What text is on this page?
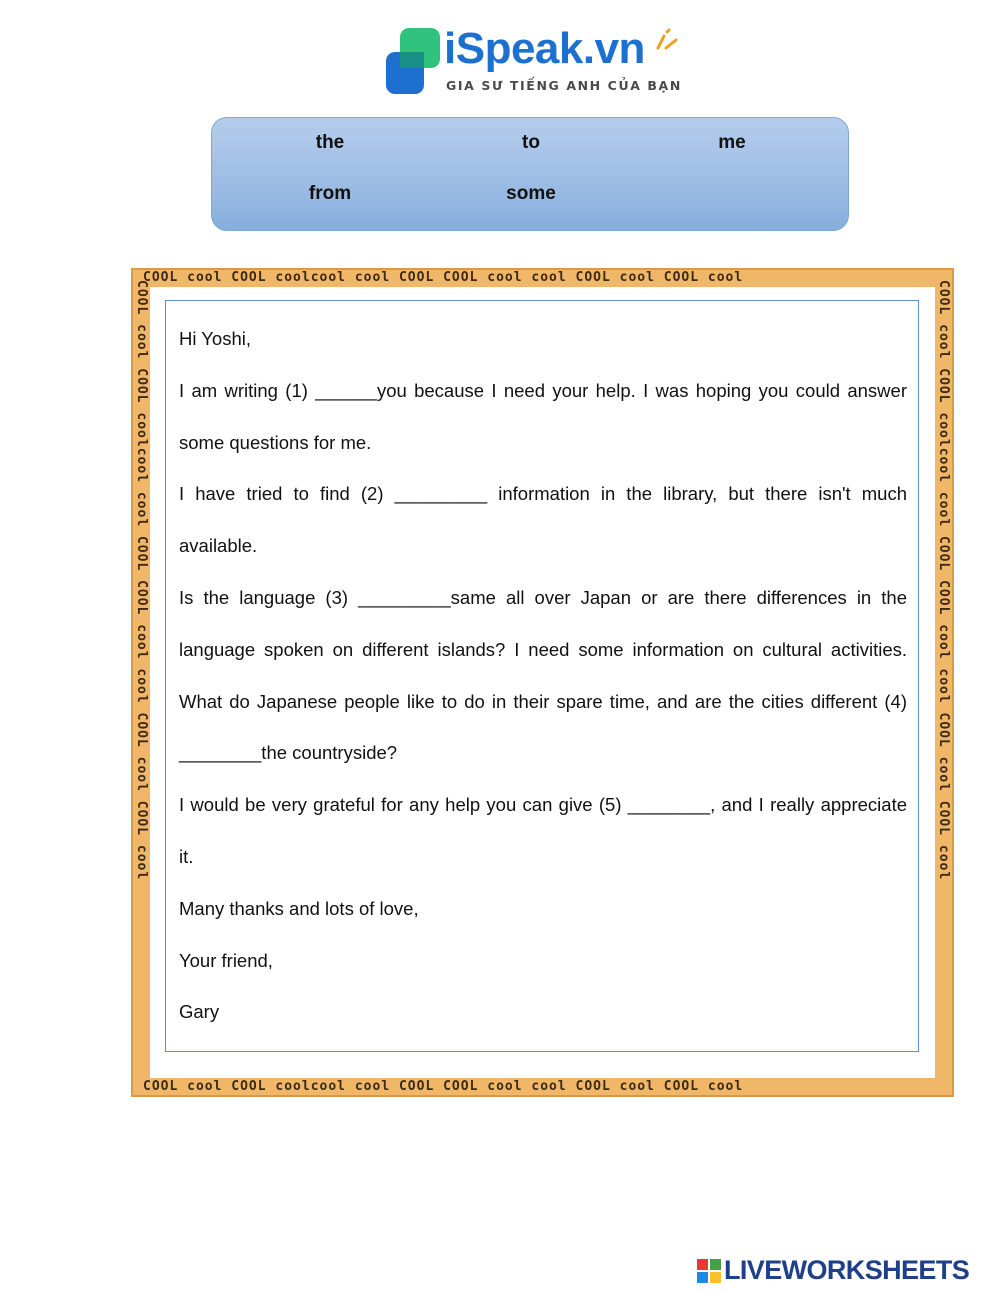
iSpeak.vn
GIA SƯ TIẾNG ANH CỦA BẠN
the	to	me
from	some
COOL cool COOL coolcool cool COOL COOL cool cool COOL cool COOL cool
COOL cool COOL coolcool cool COOL COOL cool cool COOL cool COOL cool
COOL cool COOL coolcool cool COOL COOL cool cool COOL cool COOL cool	COOL cool COOL coolcool cool COOL COOL cool cool COOL cool COOL cool

Hi Yoshi,

I am writing (1) ______you because I need your help. I was hoping you could answer some questions for me.

I have tried to find (2) _________ information in the library, but there isn't much available.

Is the language (3) _________same all over Japan or are there differences in the language spoken on different islands? I need some information on cultural activities. What do Japanese people like to do in their spare time, and are the cities different (4) ________the countryside?

I would be very grateful for any help you can give (5) ________, and I really appreciate it.

Many thanks and lots of love,

Your friend,

Gary

LIVEWORKSHEETS
